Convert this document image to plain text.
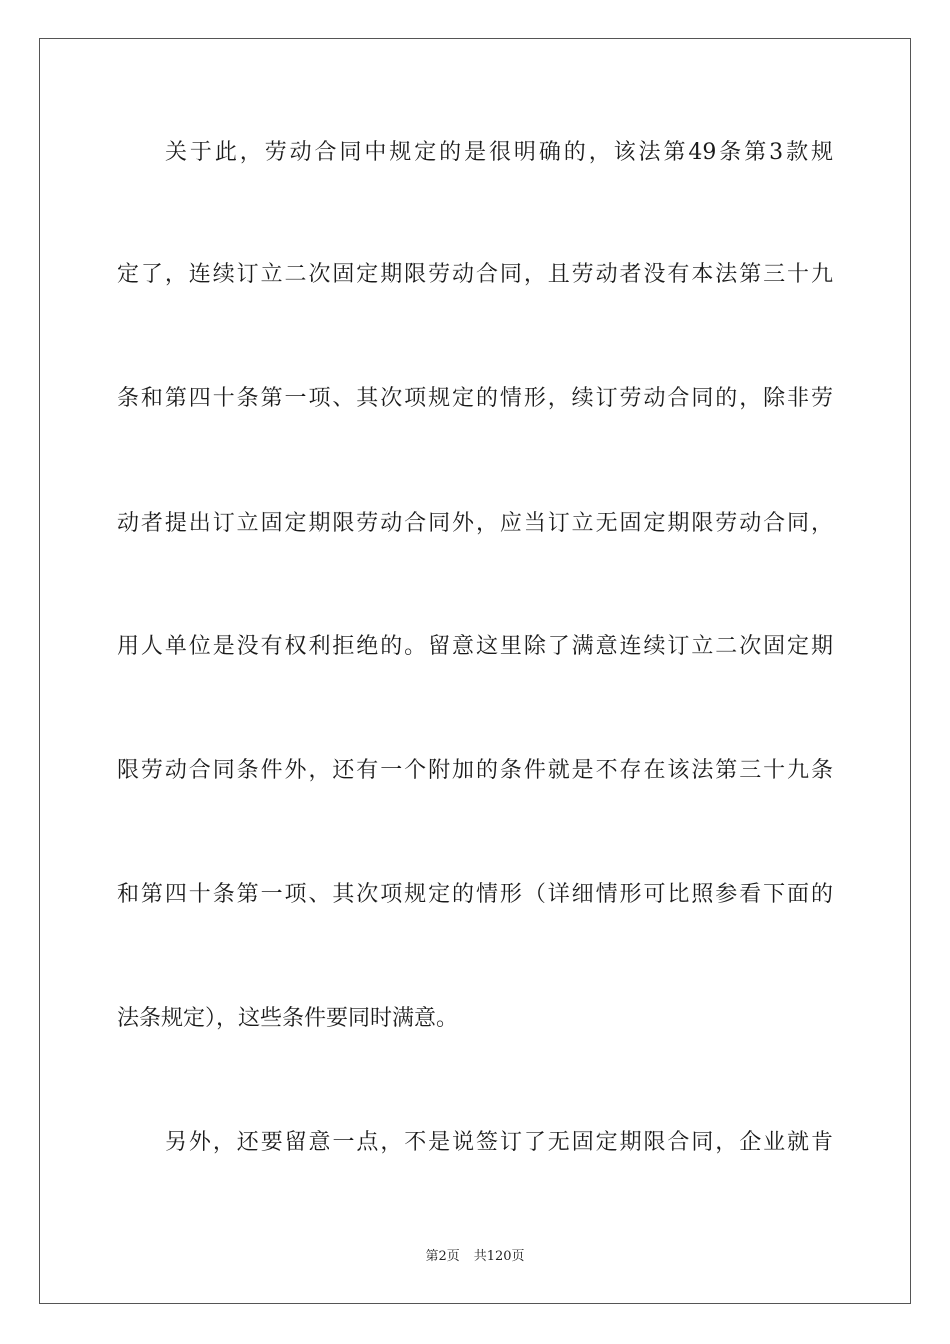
关于此，劳动合同中规定的是很明确的，该法第49条第3款规
定了，连续订立二次固定期限劳动合同，且劳动者没有本法第三十九
条和第四十条第一项、其次项规定的情形，续订劳动合同的，除非劳
动者提出订立固定期限劳动合同外，应当订立无固定期限劳动合同，
用人单位是没有权利拒绝的。留意这里除了满意连续订立二次固定期
限劳动合同条件外，还有一个附加的条件就是不存在该法第三十九条
和第四十条第一项、其次项规定的情形（详细情形可比照参看下面的
法条规定），这些条件要同时满意。
另外，还要留意一点，不是说签订了无固定期限合同，企业就肯
第2页 共120页
